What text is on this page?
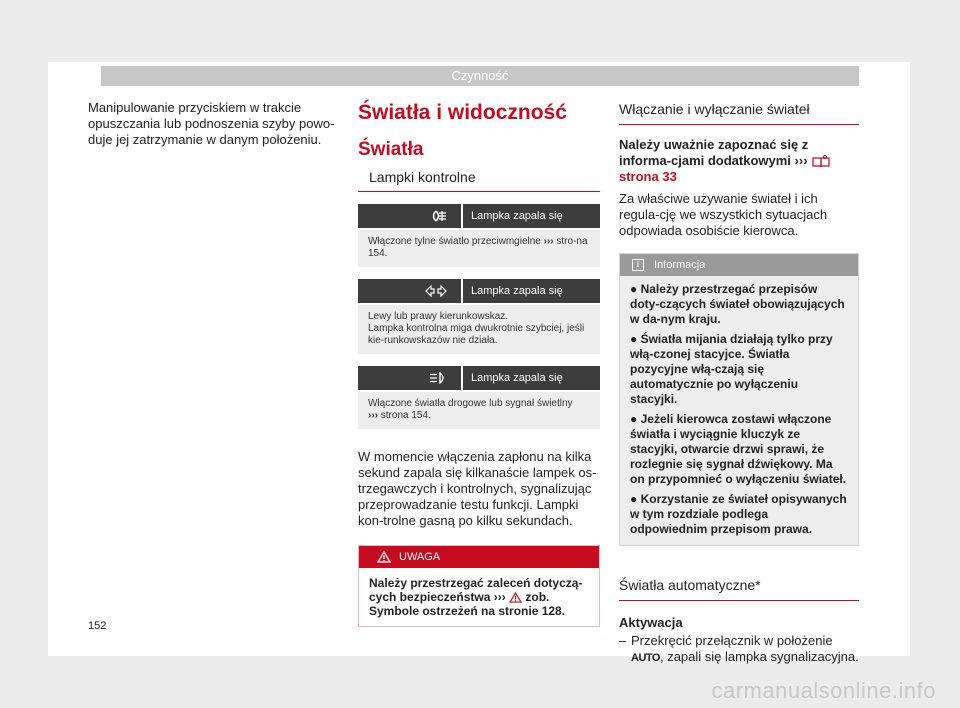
Czynność

Manipulowanie przyciskiem w trakcie opuszczania lub podnoszenia szyby powo-duje jej zatrzymanie w danym położeniu.

Światła i widoczność
Światła
Lampki kontrolne
Lampka zapala się
Włączone tylne światło przeciwmgielne ››› stro-na 154.
Lampka zapala się
Lewy lub prawy kierunkowskaz.
Lampka kontrolna miga dwukrotnie szybciej, jeśli kie-runkowskazów nie działa.
Lampka zapala się
Włączone światła drogowe lub sygnał świetlny
››› strona 154.

W momencie włączenia zapłonu na kilka sekund zapala się kilkanaście lampek os-trzegawczych i kontrolnych, sygnalizując przeprowadzanie testu funkcji. Lampki kon-trolne gasną po kilku sekundach.

UWAGA
Należy przestrzegać zaleceń dotyczą-cych bezpieczeństwa ›››  zob. Symbole ostrzeżeń na stronie 128.
Włączanie i wyłączanie świateł

Należy uważnie zapoznać się z informa-cjami dodatkowymi ›››  strona 33

Za właściwe używanie świateł i ich regula-cję we wszystkich sytuacjach odpowiada osobiście kierowca.

i	Informacja
● Należy przestrzegać przepisów doty-czących świateł obowiązujących w da-nym kraju.
● Światła mijania działają tylko przy włą-czonej stacyjce. Światła pozycyjne włą-czają się automatycznie po wyłączeniu stacyjki.
● Jeżeli kierowca zostawi włączone światła i wyciągnie kluczyk ze stacyjki, otwarcie drzwi sprawi, że rozlegnie się sygnał dźwiękowy. Ma on przypomnieć o wyłączeniu świateł.
● Korzystanie ze świateł opisywanych w tym rozdziale podlega odpowiednim przepisom prawa.
Światła automatyczne*

Aktywacja

– Przekręcić przełącznik w położenie AUTO, zapali się lampka sygnalizacyjna.
152
carmanualsonline.info
